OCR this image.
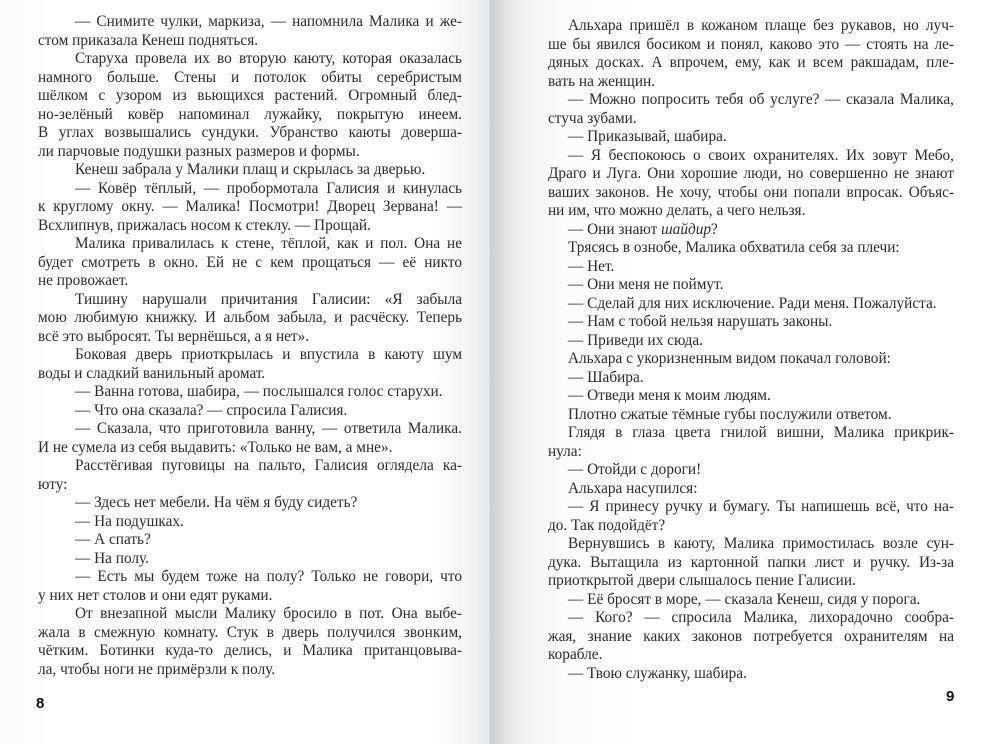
— Снимите чулки, маркиза, — напомнила Малика и же-
стом приказала Кенеш подняться.
Старуха провела их во вторую каюту, которая оказалась
намного больше. Стены и потолок обиты серебристым
шёлком с узором из вьющихся растений. Огромный блед-
но-зелёный ковёр напоминал лужайку, покрытую инеем.
В углах возвышались сундуки. Убранство каюты доверша-
ли парчовые подушки разных размеров и формы.
Кенеш забрала у Малики плащ и скрылась за дверью.
— Ковёр тёплый, — пробормотала Галисия и кинулась
к круглому окну. — Малика! Посмотри! Дворец Зервана! —
Всхлипнув, прижалась носом к стеклу. — Прощай.
Малика привалилась к стене, тёплой, как и пол. Она не
будет смотреть в окно. Ей не с кем прощаться — её никто
не провожает.
Тишину нарушали причитания Галисии: «Я забыла
мою любимую книжку. И альбом забыла, и расчёску. Теперь
всё это выбросят. Ты вернёшься, а я нет».
Боковая дверь приоткрылась и впустила в каюту шум
воды и сладкий ванильный аромат.
— Ванна готова, шабира, — послышался голос старухи.
— Что она сказала? — спросила Галисия.
— Сказала, что приготовила ванну, — ответила Малика.
И не сумела из себя выдавить: «Только не вам, а мне».
Расстёгивая пуговицы на пальто, Галисия оглядела ка-
юту:
— Здесь нет мебели. На чём я буду сидеть?
— На подушках.
— А спать?
— На полу.
— Есть мы будем тоже на полу? Только не говори, что
у них нет столов и они едят руками.
От внезапной мысли Малику бросило в пот. Она выбе-
жала в смежную комнату. Стук в дверь получился звонким,
чётким. Ботинки куда-то делись, и Малика пританцовыва-
ла, чтобы ноги не примёрзли к полу.
8
Альхара пришёл в кожаном плаще без рукавов, но луч-
ше бы явился босиком и понял, каково это — стоять на ле-
дяных досках. А впрочем, ему, как и всем ракшадам, пле-
вать на женщин.
— Можно попросить тебя об услуге? — сказала Малика,
стуча зубами.
— Приказывай, шабира.
— Я беспокоюсь о своих охранителях. Их зовут Мебо,
Драго и Луга. Они хорошие люди, но совершенно не знают
ваших законов. Не хочу, чтобы они попали впросак. Объяс-
ни им, что можно делать, а чего нельзя.
— Они знают шайдир?
Трясясь в ознобе, Малика обхватила себя за плечи:
— Нет.
— Они меня не поймут.
— Сделай для них исключение. Ради меня. Пожалуйста.
— Нам с тобой нельзя нарушать законы.
— Приведи их сюда.
Альхара с укоризненным видом покачал головой:
— Шабира.
— Отведи меня к моим людям.
Плотно сжатые тёмные губы послужили ответом.
Глядя в глаза цвета гнилой вишни, Малика прикрик-
нула:
— Отойди с дороги!
Альхара насупился:
— Я принесу ручку и бумагу. Ты напишешь всё, что на-
до. Так подойдёт?
Вернувшись в каюту, Малика примостилась возле сун-
дука. Вытащила из картонной папки лист и ручку. Из-за
приоткрытой двери слышалось пение Галисии.
— Её бросят в море, — сказала Кенеш, сидя у порога.
— Кого? — спросила Малика, лихорадочно сообра-
жая, знание каких законов потребуется охранителям на
корабле.
— Твою служанку, шабира.
9
